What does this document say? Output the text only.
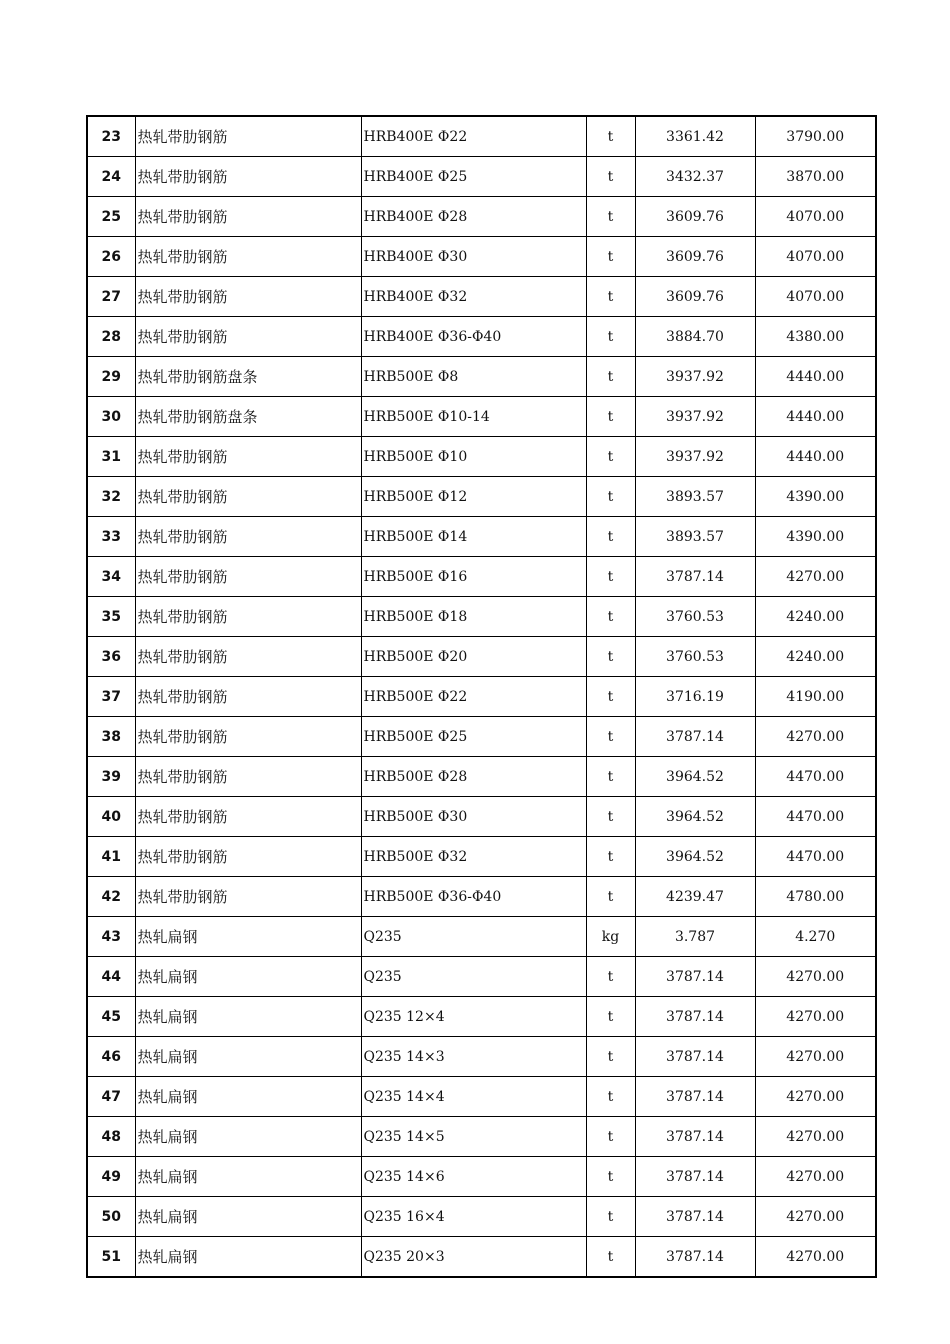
23	热轧带肋钢筋	HRB400E Φ22	t	3361.42	3790.00
24	热轧带肋钢筋	HRB400E Φ25	t	3432.37	3870.00
25	热轧带肋钢筋	HRB400E Φ28	t	3609.76	4070.00
26	热轧带肋钢筋	HRB400E Φ30	t	3609.76	4070.00
27	热轧带肋钢筋	HRB400E Φ32	t	3609.76	4070.00
28	热轧带肋钢筋	HRB400E Φ36-Φ40	t	3884.70	4380.00
29	热轧带肋钢筋盘条	HRB500E Φ8	t	3937.92	4440.00
30	热轧带肋钢筋盘条	HRB500E Φ10-14	t	3937.92	4440.00
31	热轧带肋钢筋	HRB500E Φ10	t	3937.92	4440.00
32	热轧带肋钢筋	HRB500E Φ12	t	3893.57	4390.00
33	热轧带肋钢筋	HRB500E Φ14	t	3893.57	4390.00
34	热轧带肋钢筋	HRB500E Φ16	t	3787.14	4270.00
35	热轧带肋钢筋	HRB500E Φ18	t	3760.53	4240.00
36	热轧带肋钢筋	HRB500E Φ20	t	3760.53	4240.00
37	热轧带肋钢筋	HRB500E Φ22	t	3716.19	4190.00
38	热轧带肋钢筋	HRB500E Φ25	t	3787.14	4270.00
39	热轧带肋钢筋	HRB500E Φ28	t	3964.52	4470.00
40	热轧带肋钢筋	HRB500E Φ30	t	3964.52	4470.00
41	热轧带肋钢筋	HRB500E Φ32	t	3964.52	4470.00
42	热轧带肋钢筋	HRB500E Φ36-Φ40	t	4239.47	4780.00
43	热轧扁钢	Q235	kg	3.787	4.270
44	热轧扁钢	Q235	t	3787.14	4270.00
45	热轧扁钢	Q235 12×4	t	3787.14	4270.00
46	热轧扁钢	Q235 14×3	t	3787.14	4270.00
47	热轧扁钢	Q235 14×4	t	3787.14	4270.00
48	热轧扁钢	Q235 14×5	t	3787.14	4270.00
49	热轧扁钢	Q235 14×6	t	3787.14	4270.00
50	热轧扁钢	Q235 16×4	t	3787.14	4270.00
51	热轧扁钢	Q235 20×3	t	3787.14	4270.00
